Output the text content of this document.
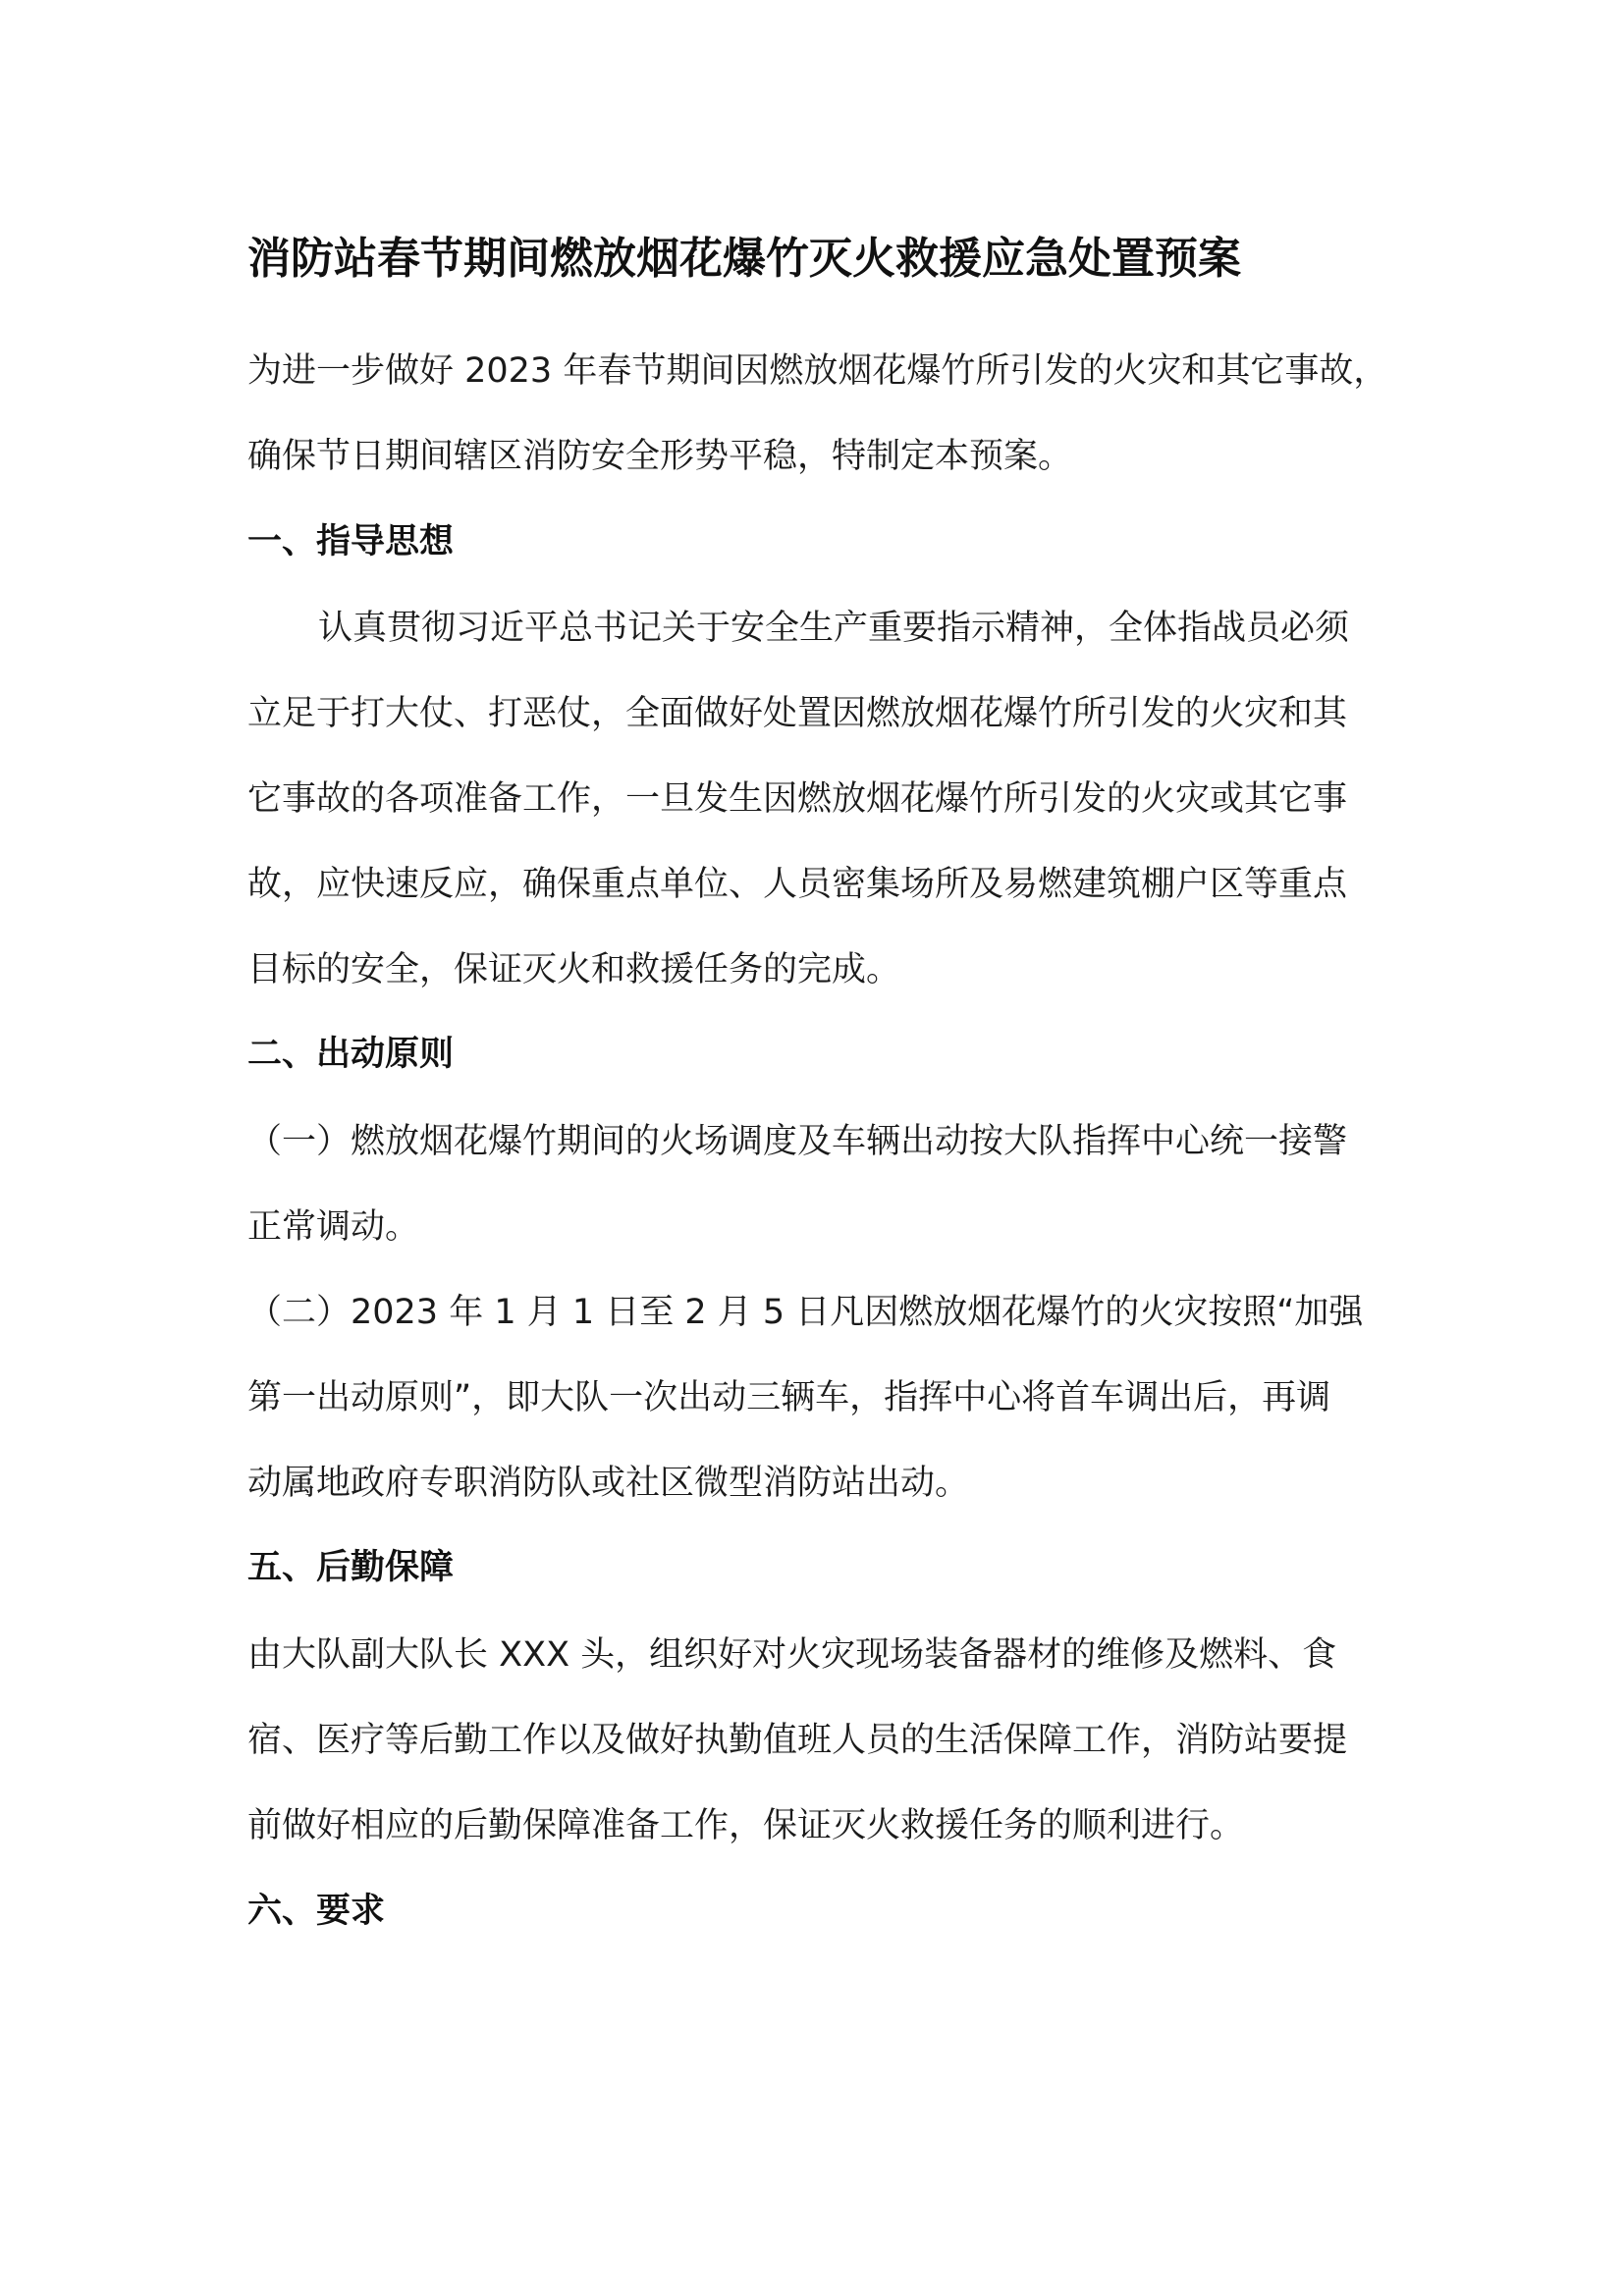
消防站春节期间燃放烟花爆竹灭火救援应急处置预案
为进一步做好 2023 年春节期间因燃放烟花爆竹所引发的火灾和其它事故，
确保节日期间辖区消防安全形势平稳，特制定本预案。
一、指导思想
认真贯彻习近平总书记关于安全生产重要指示精神，全体指战员必须
立足于打大仗、打恶仗，全面做好处置因燃放烟花爆竹所引发的火灾和其
它事故的各项准备工作，一旦发生因燃放烟花爆竹所引发的火灾或其它事
故，应快速反应，确保重点单位、人员密集场所及易燃建筑棚户区等重点
目标的安全，保证灭火和救援任务的完成。
二、出动原则
（一）燃放烟花爆竹期间的火场调度及车辆出动按大队指挥中心统一接警
正常调动。
（二）2023 年 1 月 1 日至 2 月 5 日凡因燃放烟花爆竹的火灾按照“加强
第一出动原则”，即大队一次出动三辆车，指挥中心将首车调出后，再调
动属地政府专职消防队或社区微型消防站出动。
五、后勤保障
由大队副大队长 XXX 头，组织好对火灾现场装备器材的维修及燃料、食
宿、医疗等后勤工作以及做好执勤值班人员的生活保障工作，消防站要提
前做好相应的后勤保障准备工作，保证灭火救援任务的顺利进行。
六、要求
